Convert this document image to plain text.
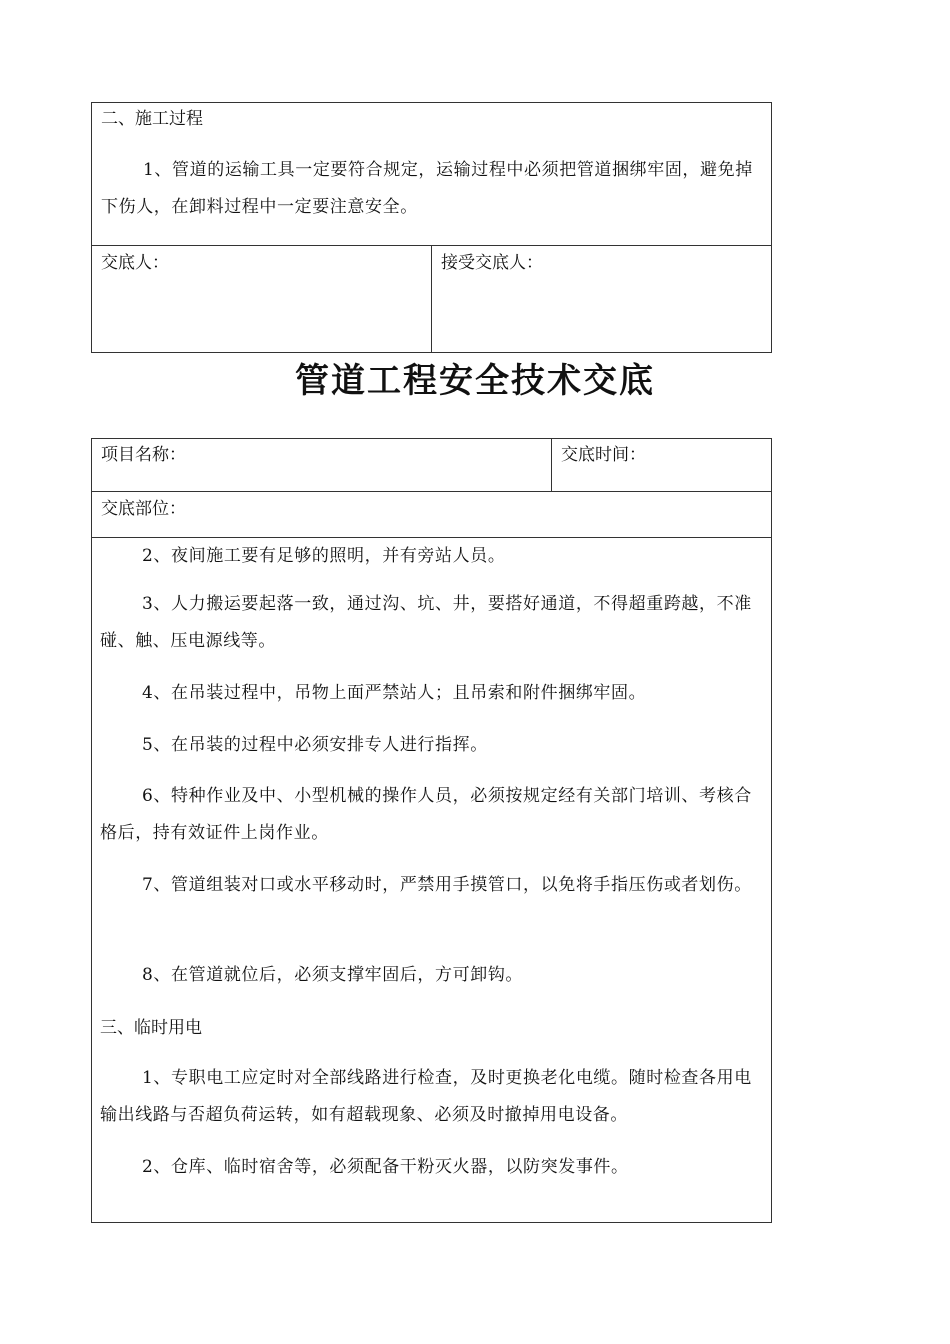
二、施工过程
1、管道的运输工具一定要符合规定，运输过程中必须把管道捆绑牢固，避免掉下伤人，在卸料过程中一定要注意安全。
交底人：	接受交底人：
管道工程安全技术交底
项目名称：	交底时间：
交底部位：
2、夜间施工要有足够的照明，并有旁站人员。
3、人力搬运要起落一致，通过沟、坑、井，要搭好通道，不得超重跨越，不准碰、触、压电源线等。
4、在吊装过程中，吊物上面严禁站人；且吊索和附件捆绑牢固。
5、在吊装的过程中必须安排专人进行指挥。
6、特种作业及中、小型机械的操作人员，必须按规定经有关部门培训、考核合格后，持有效证件上岗作业。
7、管道组装对口或水平移动时，严禁用手摸管口，以免将手指压伤或者划伤。
8、在管道就位后，必须支撑牢固后，方可卸钩。
三、临时用电
1、专职电工应定时对全部线路进行检查，及时更换老化电缆。随时检查各用电输出线路与否超负荷运转，如有超载现象、必须及时撤掉用电设备。
2、仓库、临时宿舍等，必须配备干粉灭火器，以防突发事件。
